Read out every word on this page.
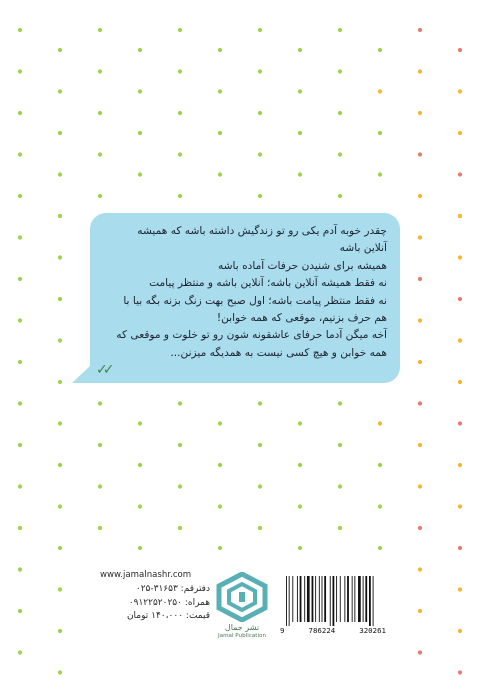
چقدر خوبه آدم یکی رو تو زندگیش داشته باشه که همیشه
آنلاین باشه
همیشه برای شنیدن حرفات آماده باشه
نه فقط همیشه آنلاین باشه؛ آنلاین باشه و منتظر پیامت
نه فقط منتظر پیامت باشه؛ اول صبح بهت زنگ بزنه بگه بیا با
هم حرف بزنیم، موقعی که همه خوابن!
آخه میگن آدما حرفای عاشقونه شون رو تو خلوت و موقعی که
همه خوابن و هیچ کسی نیست به همدیگه میزنن...
✓✓
www.jamalnashr.com
دفترقم: ۳۱۶۵۳-۰۲۵
همراه: ۰۹۱۲۲۵۲۰۲۵۰
قیمت: ۱۴۰،۰۰۰ تومان
نشر جمال
Jamal Publication
9	786224	320261
